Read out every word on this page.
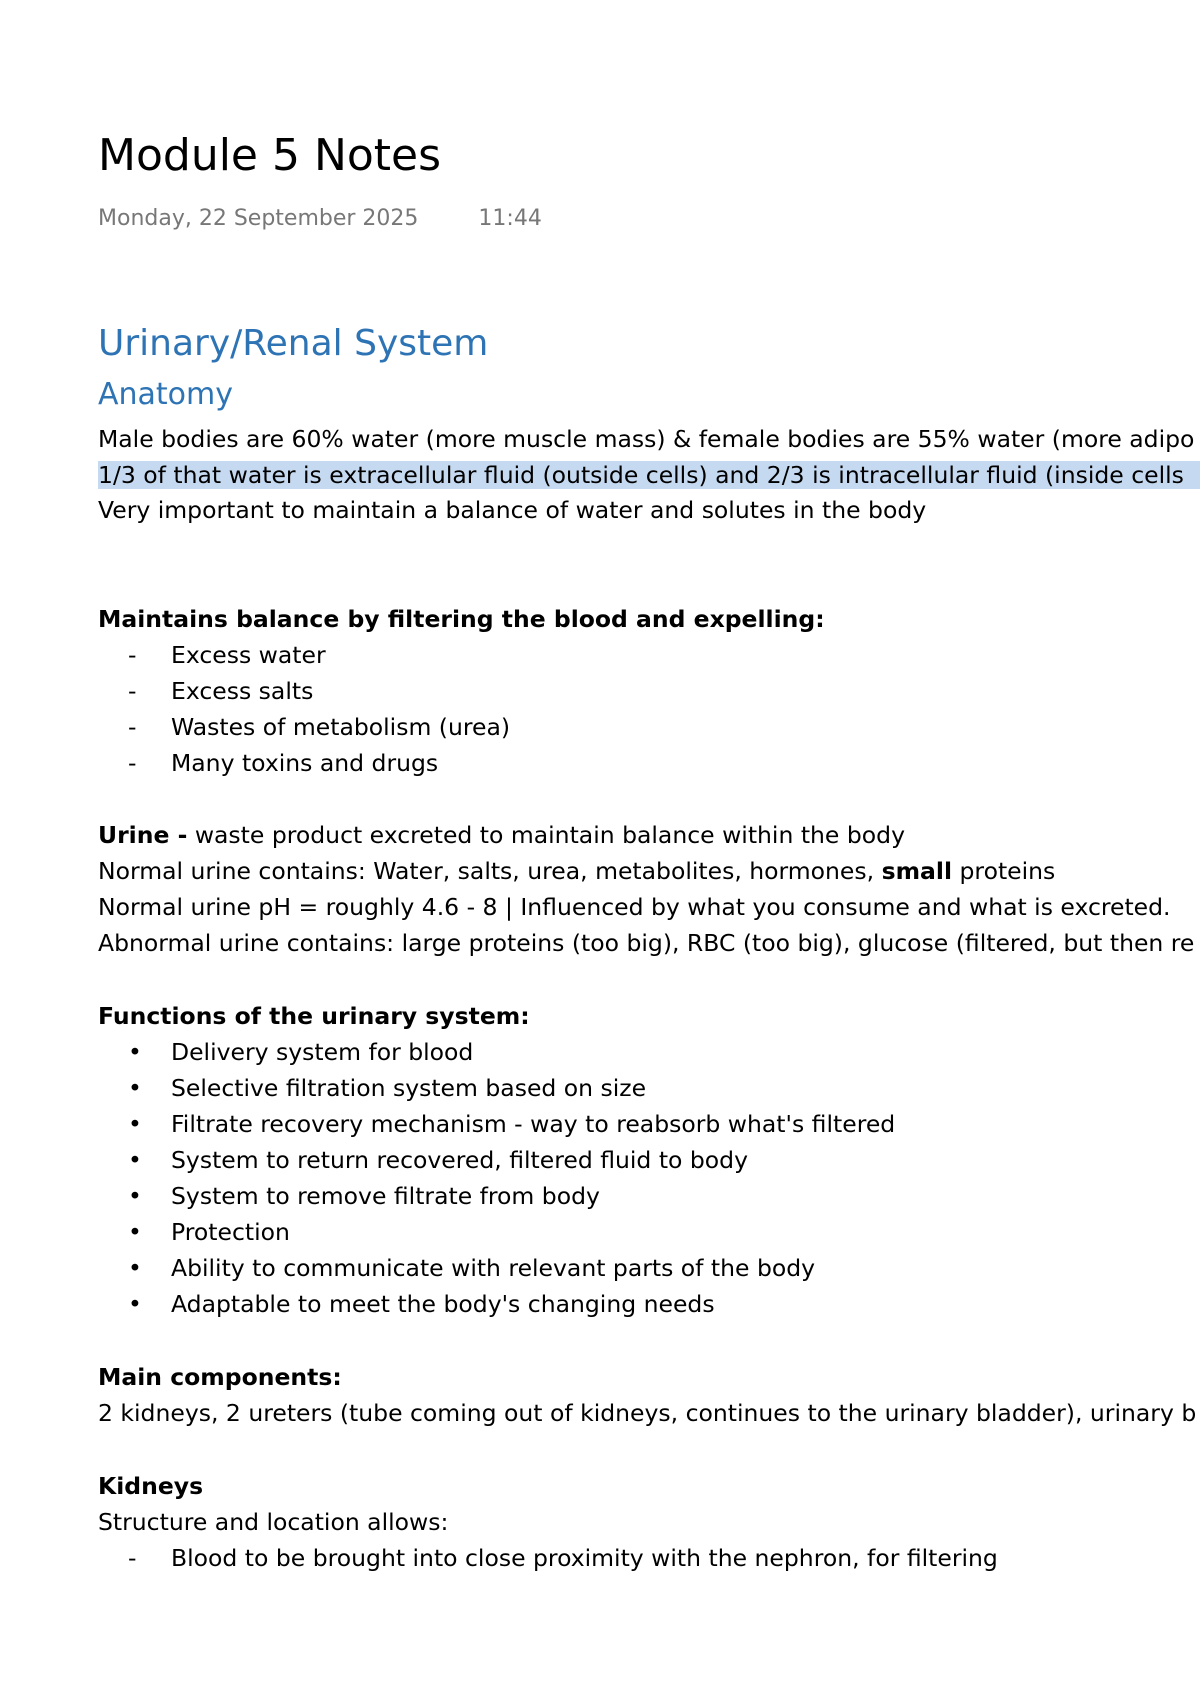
Module 5 Notes
Monday, 22 September 2025	11:44
Urinary/Renal System
Anatomy
Male bodies are 60% water (more muscle mass) & female bodies are 55% water (more adipo
1/3 of that water is extracellular fluid (outside cells) and 2/3 is intracellular fluid (inside cells
Very important to maintain a balance of water and solutes in the body
Maintains balance by filtering the blood and expelling:
- Excess water
- Excess salts
- Wastes of metabolism (urea)
- Many toxins and drugs
Urine - waste product excreted to maintain balance within the body
Normal urine contains: Water, salts, urea, metabolites, hormones, small proteins
Normal urine pH = roughly 4.6 - 8 | Influenced by what you consume and what is excreted.
Abnormal urine contains: large proteins (too big), RBC (too big), glucose (filtered, but then re
Functions of the urinary system:
• Delivery system for blood
• Selective filtration system based on size
• Filtrate recovery mechanism - way to reabsorb what's filtered
• System to return recovered, filtered fluid to body
• System to remove filtrate from body
• Protection
• Ability to communicate with relevant parts of the body
• Adaptable to meet the body's changing needs
Main components:
2 kidneys, 2 ureters (tube coming out of kidneys, continues to the urinary bladder), urinary b
Kidneys
Structure and location allows:
- Blood to be brought into close proximity with the nephron, for filtering
